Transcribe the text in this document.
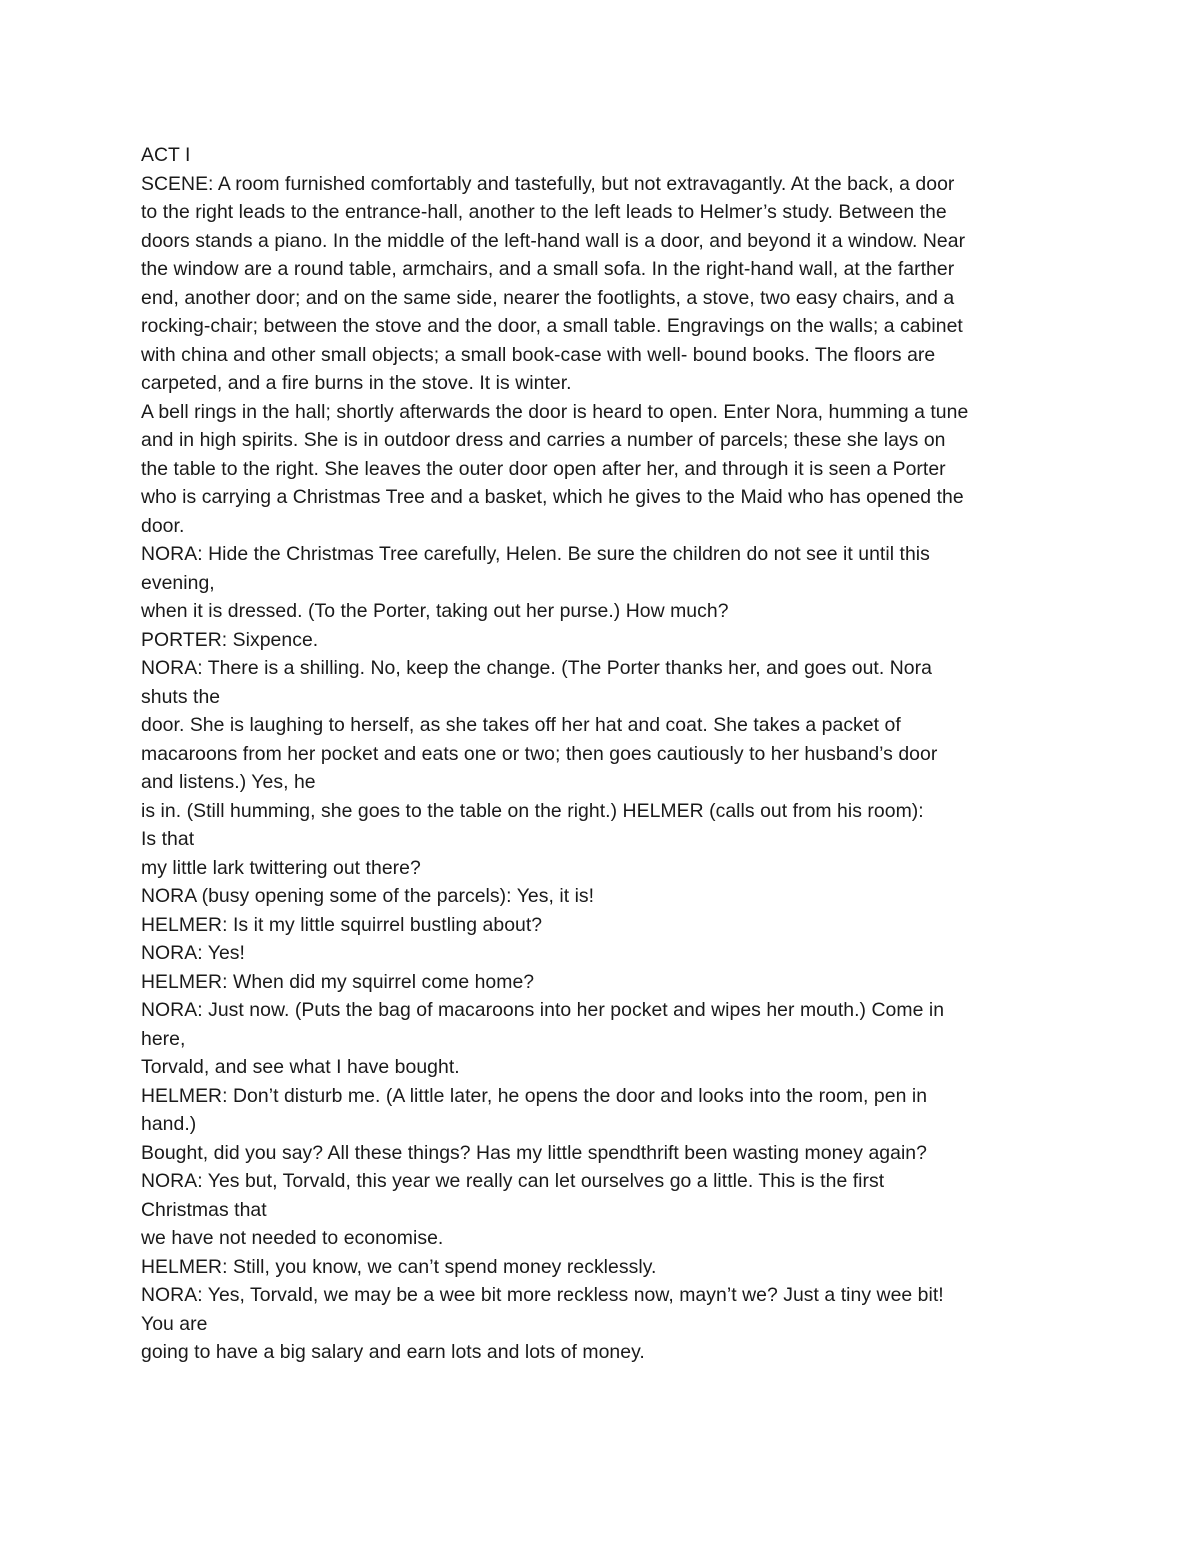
ACT I
SCENE: A room furnished comfortably and tastefully, but not extravagantly. At the back, a door
to the right leads to the entrance-hall, another to the left leads to Helmer’s study. Between the
doors stands a piano. In the middle of the left-hand wall is a door, and beyond it a window. Near
the window are a round table, armchairs, and a small sofa. In the right-hand wall, at the farther
end, another door; and on the same side, nearer the footlights, a stove, two easy chairs, and a
rocking-chair; between the stove and the door, a small table. Engravings on the walls; a cabinet
with china and other small objects; a small book-case with well- bound books. The floors are
carpeted, and a fire burns in the stove. It is winter.
A bell rings in the hall; shortly afterwards the door is heard to open. Enter Nora, humming a tune
and in high spirits. She is in outdoor dress and carries a number of parcels; these she lays on
the table to the right. She leaves the outer door open after her, and through it is seen a Porter
who is carrying a Christmas Tree and a basket, which he gives to the Maid who has opened the
door.
NORA: Hide the Christmas Tree carefully, Helen. Be sure the children do not see it until this
evening,
when it is dressed. (To the Porter, taking out her purse.) How much?
PORTER: Sixpence.
NORA: There is a shilling. No, keep the change. (The Porter thanks her, and goes out. Nora
shuts the
door. She is laughing to herself, as she takes off her hat and coat. She takes a packet of
macaroons from her pocket and eats one or two; then goes cautiously to her husband’s door
and listens.) Yes, he
is in. (Still humming, she goes to the table on the right.) HELMER (calls out from his room):
Is that
my little lark twittering out there?
NORA (busy opening some of the parcels): Yes, it is!
HELMER: Is it my little squirrel bustling about?
NORA: Yes!
HELMER: When did my squirrel come home?
NORA: Just now. (Puts the bag of macaroons into her pocket and wipes her mouth.) Come in
here,
Torvald, and see what I have bought.
HELMER: Don’t disturb me. (A little later, he opens the door and looks into the room, pen in
hand.)
Bought, did you say? All these things? Has my little spendthrift been wasting money again?
NORA: Yes but, Torvald, this year we really can let ourselves go a little. This is the first
Christmas that
we have not needed to economise.
HELMER: Still, you know, we can’t spend money recklessly.
NORA: Yes, Torvald, we may be a wee bit more reckless now, mayn’t we? Just a tiny wee bit!
You are
going to have a big salary and earn lots and lots of money.
